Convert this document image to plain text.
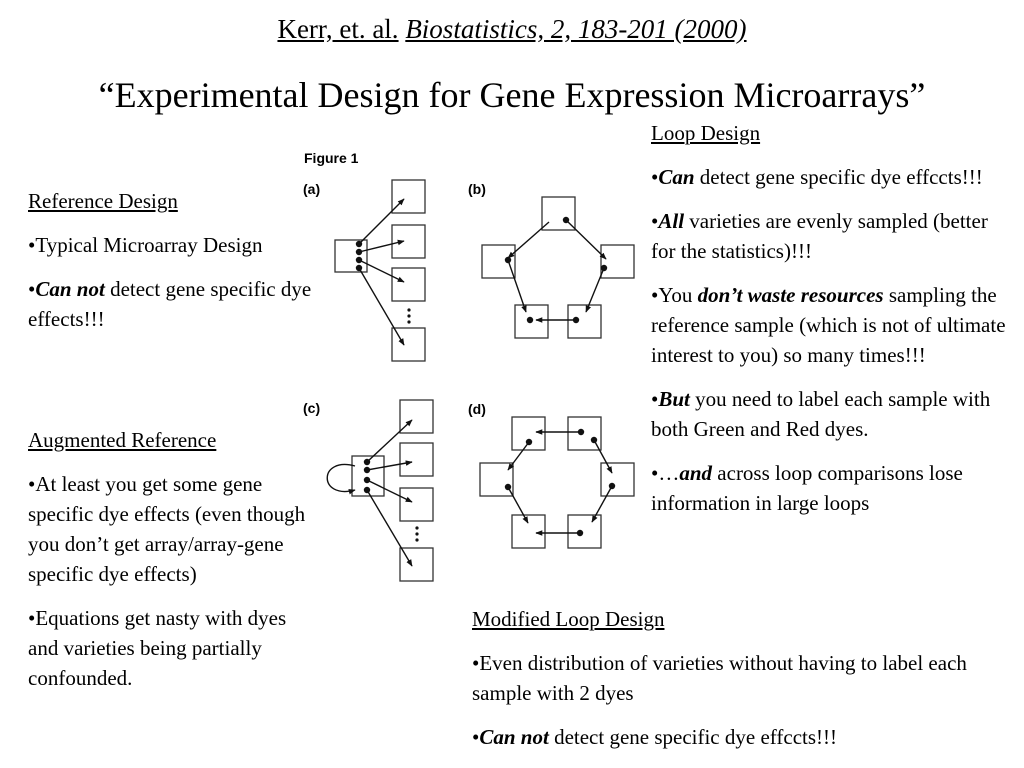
Kerr, et. al. Biostatistics, 2, 183-201 (2000)
“Experimental Design for Gene Expression Microarrays”

Reference Design

•Typical Microarray Design

•Can not detect gene specific dye effects!!!

Augmented Reference

•At least you get some gene specific dye effects (even though you don’t get array/array-gene specific dye effects)

•Equations get nasty with dyes and varieties being partially confounded.

Loop Design

•Can detect gene specific dye effccts!!!

•All varieties are evenly sampled (better for the statistics)!!!

•You don’t waste resources sampling the reference sample (which is not of ultimate interest to you) so many times!!!

•But you need to label each sample with both Green and Red dyes.

•…and across loop comparisons lose information in large loops

Modified Loop Design

•Even distribution of varieties without having to label each sample with 2 dyes

•Can not detect gene specific dye effccts!!!

Figure 1
(a)	(b)
(c)	(d)
